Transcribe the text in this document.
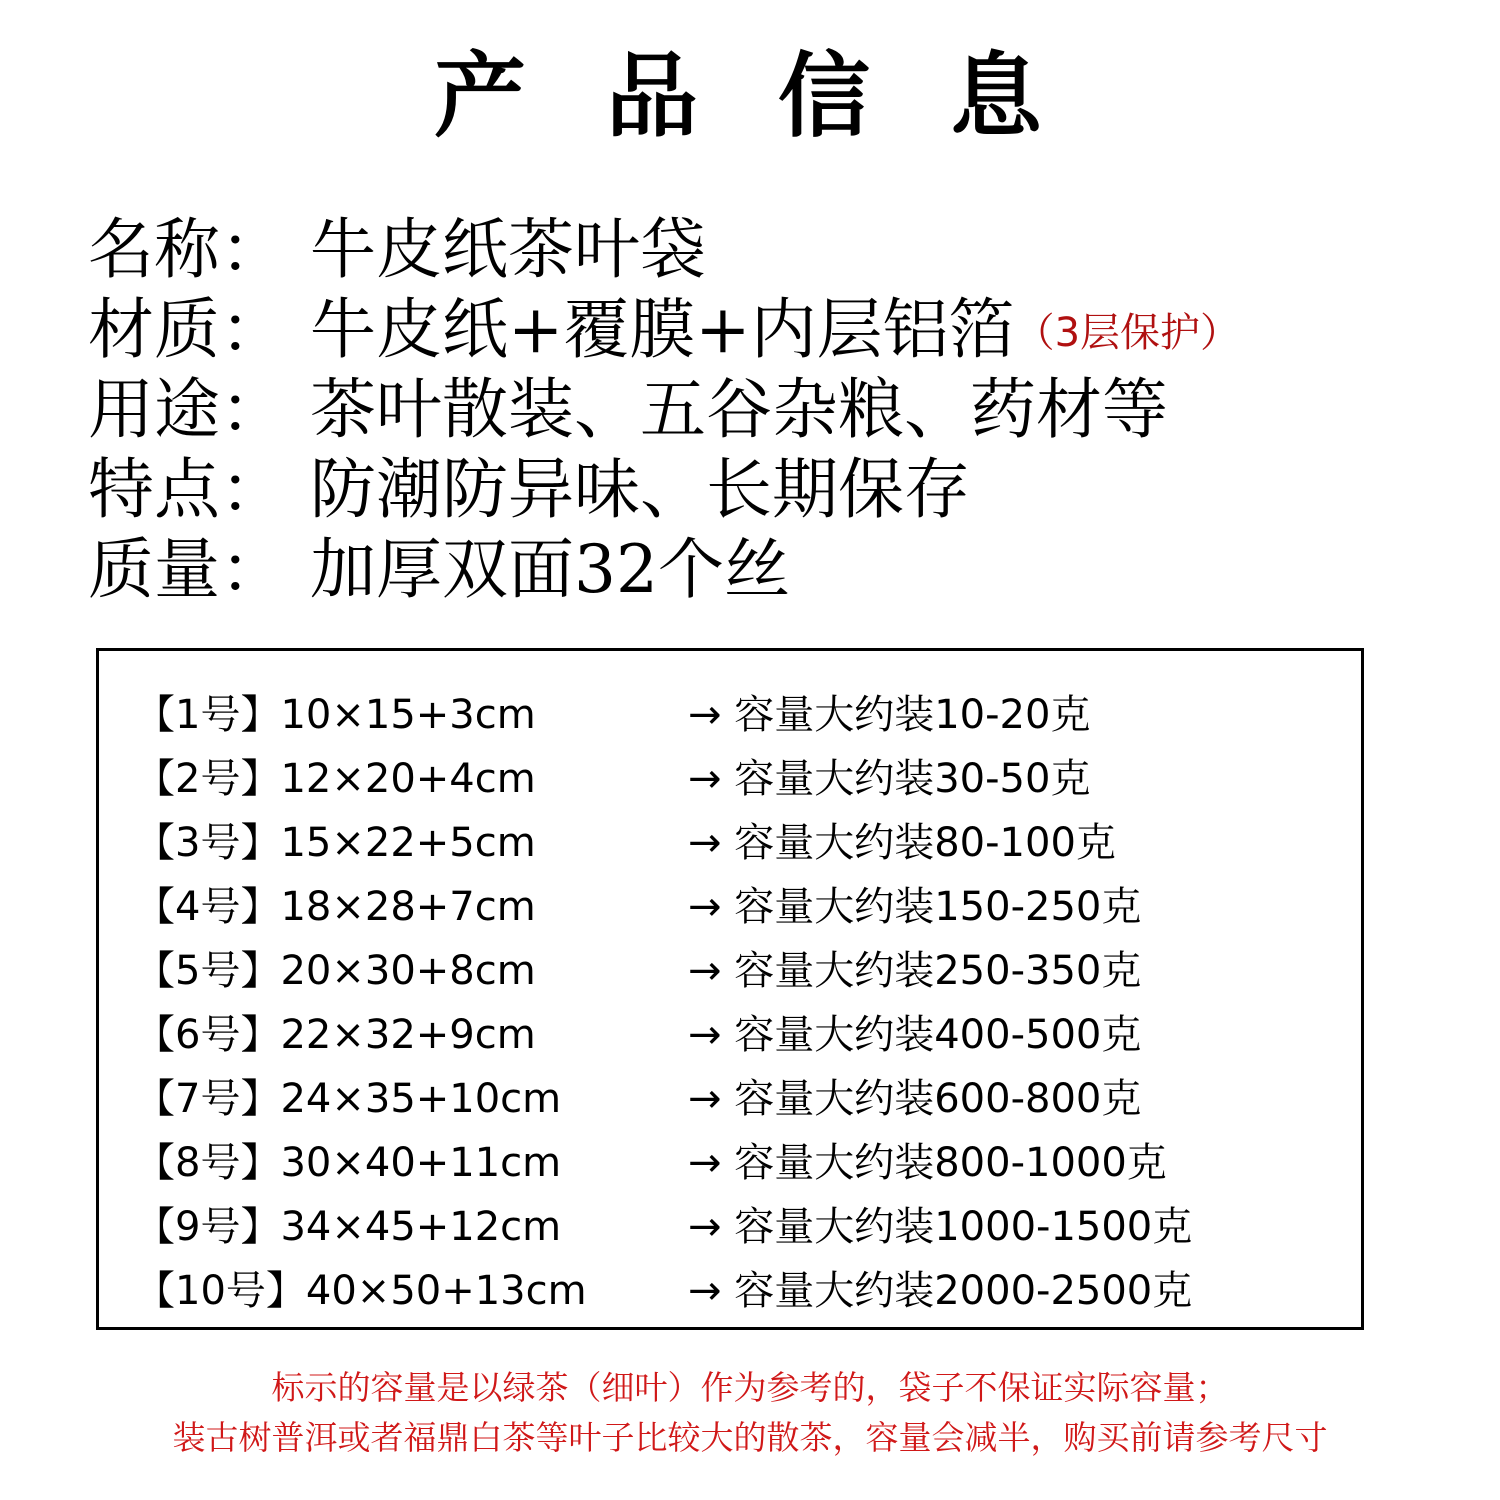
产 品 信 息
名称： 牛皮纸茶叶袋
材质： 牛皮纸+覆膜+内层铝箔（3层保护）
用途： 茶叶散装、五谷杂粮、药材等
特点： 防潮防异味、长期保存
质量： 加厚双面32个丝
【1号】10×15+3cm	→ 容量大约装10-20克
【2号】12×20+4cm	→ 容量大约装30-50克
【3号】15×22+5cm	→ 容量大约装80-100克
【4号】18×28+7cm	→ 容量大约装150-250克
【5号】20×30+8cm	→ 容量大约装250-350克
【6号】22×32+9cm	→ 容量大约装400-500克
【7号】24×35+10cm	→ 容量大约装600-800克
【8号】30×40+11cm	→ 容量大约装800-1000克
【9号】34×45+12cm	→ 容量大约装1000-1500克
【10号】40×50+13cm	→ 容量大约装2000-2500克
标示的容量是以绿茶（细叶）作为参考的，袋子不保证实际容量；
装古树普洱或者福鼎白茶等叶子比较大的散茶，容量会减半，购买前请参考尺寸
